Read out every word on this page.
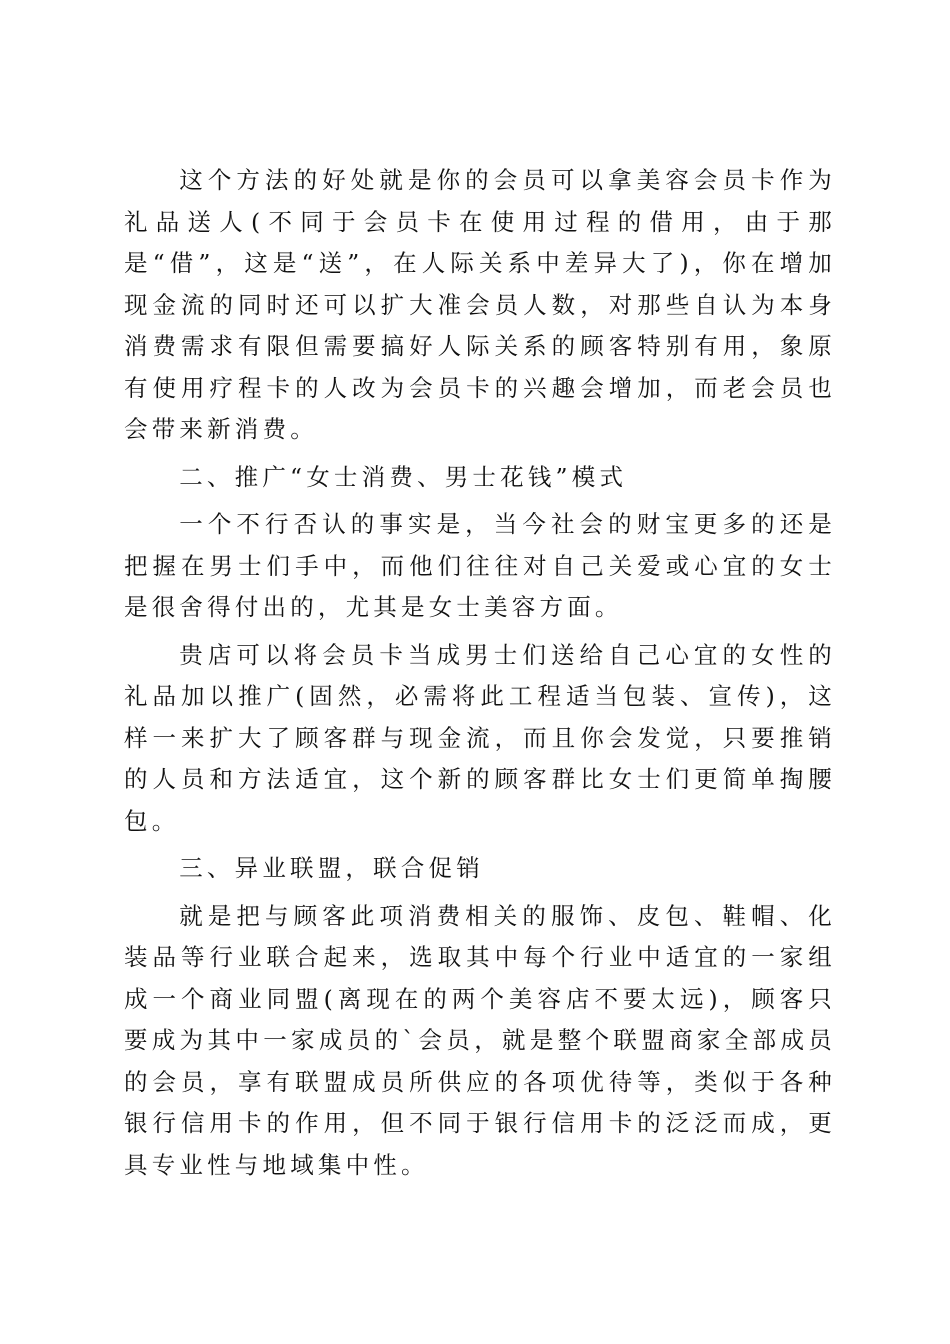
这个方法的好处就是你的会员可以拿美容会员卡作为礼品送人(不同于会员卡在使用过程的借用，由于那是“借”，这是“送”，在人际关系中差异大了)，你在增加现金流的同时还可以扩大准会员人数，对那些自认为本身消费需求有限但需要搞好人际关系的顾客特别有用，象原有使用疗程卡的人改为会员卡的兴趣会增加，而老会员也会带来新消费。

二、推广“女士消费、男士花钱”模式

一个不行否认的事实是，当今社会的财宝更多的还是把握在男士们手中，而他们往往对自己关爱或心宜的女士是很舍得付出的，尤其是女士美容方面。

贵店可以将会员卡当成男士们送给自己心宜的女性的礼品加以推广(固然，必需将此工程适当包装、宣传)，这样一来扩大了顾客群与现金流，而且你会发觉，只要推销的人员和方法适宜，这个新的顾客群比女士们更简单掏腰包。

三、异业联盟，联合促销

就是把与顾客此项消费相关的服饰、皮包、鞋帽、化装品等行业联合起来，选取其中每个行业中适宜的一家组成一个商业同盟(离现在的两个美容店不要太远)，顾客只要成为其中一家成员的`会员，就是整个联盟商家全部成员的会员，享有联盟成员所供应的各项优待等，类似于各种银行信用卡的作用，但不同于银行信用卡的泛泛而成，更具专业性与地域集中性。
